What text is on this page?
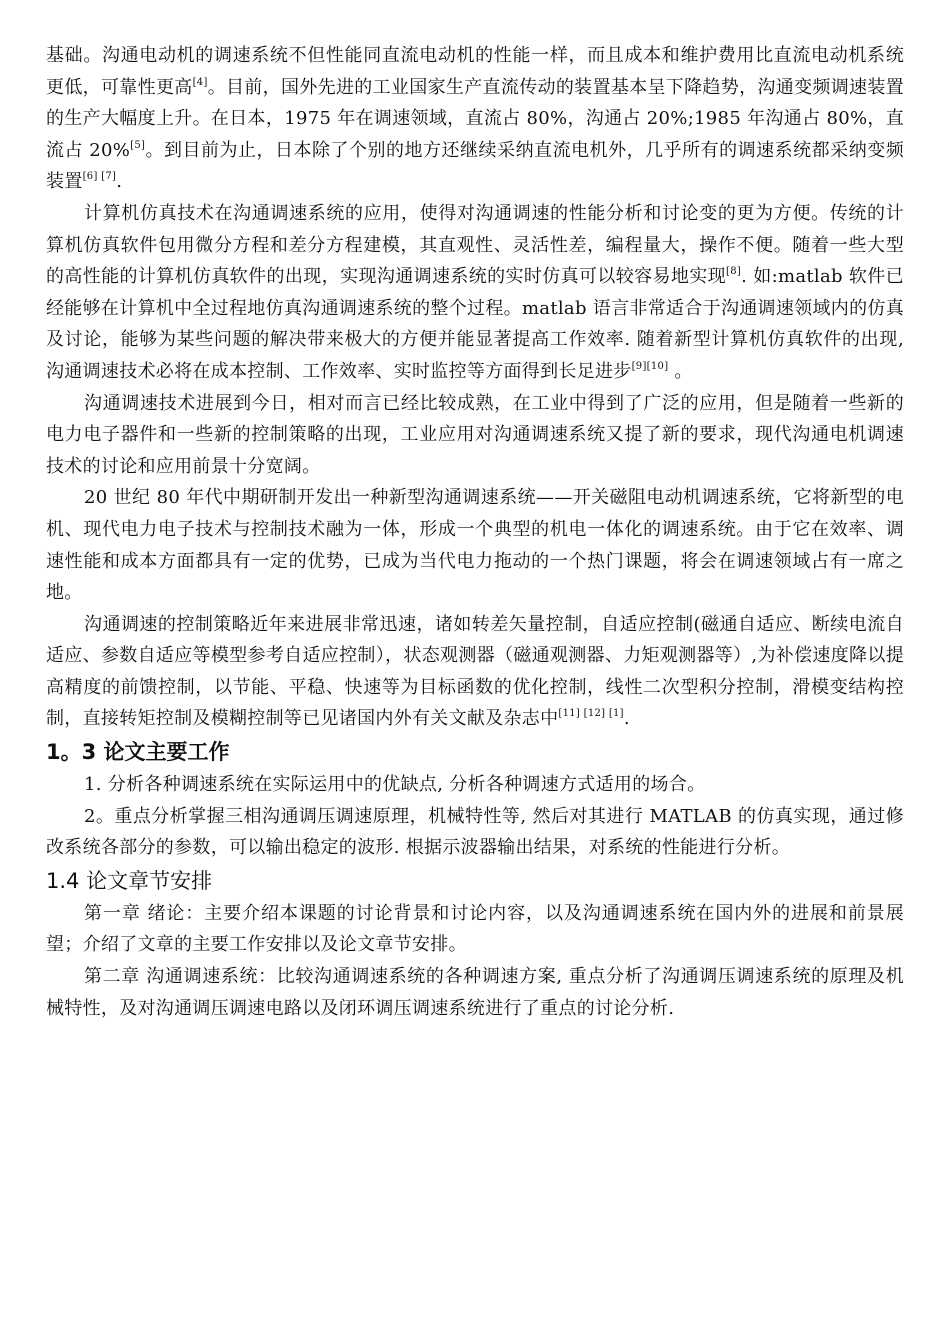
基础。沟通电动机的调速系统不但性能同直流电动机的性能一样，而且成本和维护费用比直流电动机系统更低，可靠性更高[4]。目前，国外先进的工业国家生产直流传动的装置基本呈下降趋势，沟通变频调速装置的生产大幅度上升。在日本，1975 年在调速领域，直流占 80%，沟通占 20%;1985 年沟通占 80%，直流占 20%[5]。到目前为止，日本除了个别的地方还继续采纳直流电机外，几乎所有的调速系统都采纳变频装置[6] [7].

计算机仿真技术在沟通调速系统的应用，使得对沟通调速的性能分析和讨论变的更为方便。传统的计算机仿真软件包用微分方程和差分方程建模，其直观性、灵活性差，编程量大，操作不便。随着一些大型的高性能的计算机仿真软件的出现，实现沟通调速系统的实时仿真可以较容易地实现[8]. 如:matlab 软件已经能够在计算机中全过程地仿真沟通调速系统的整个过程。matlab 语言非常适合于沟通调速领域内的仿真及讨论，能够为某些问题的解决带来极大的方便并能显著提高工作效率. 随着新型计算机仿真软件的出现,沟通调速技术必将在成本控制、工作效率、实时监控等方面得到长足进步[9][10] 。

沟通调速技术进展到今日，相对而言已经比较成熟，在工业中得到了广泛的应用，但是随着一些新的电力电子器件和一些新的控制策略的出现，工业应用对沟通调速系统又提了新的要求，现代沟通电机调速技术的讨论和应用前景十分宽阔。

20 世纪 80 年代中期研制开发出一种新型沟通调速系统——开关磁阻电动机调速系统，它将新型的电机、现代电力电子技术与控制技术融为一体，形成一个典型的机电一体化的调速系统。由于它在效率、调速性能和成本方面都具有一定的优势，已成为当代电力拖动的一个热门课题，将会在调速领域占有一席之地。

沟通调速的控制策略近年来进展非常迅速，诸如转差矢量控制，自适应控制(磁通自适应、断续电流自适应、参数自适应等模型参考自适应控制），状态观测器（磁通观测器、力矩观测器等）,为补偿速度降以提高精度的前馈控制，以节能、平稳、快速等为目标函数的优化控制，线性二次型积分控制，滑模变结构控制，直接转矩控制及模糊控制等已见诸国内外有关文献及杂志中[11] [12] [1].

1。3 论文主要工作

1. 分析各种调速系统在实际运用中的优缺点, 分析各种调速方式适用的场合。

2。重点分析掌握三相沟通调压调速原理，机械特性等, 然后对其进行 MATLAB 的仿真实现，通过修改系统各部分的参数，可以输出稳定的波形. 根据示波器输出结果，对系统的性能进行分析。

1.4 论文章节安排

第一章 绪论：主要介绍本课题的讨论背景和讨论内容，以及沟通调速系统在国内外的进展和前景展望；介绍了文章的主要工作安排以及论文章节安排。

第二章 沟通调速系统：比较沟通调速系统的各种调速方案, 重点分析了沟通调压调速系统的原理及机械特性，及对沟通调压调速电路以及闭环调压调速系统进行了重点的讨论分析.
